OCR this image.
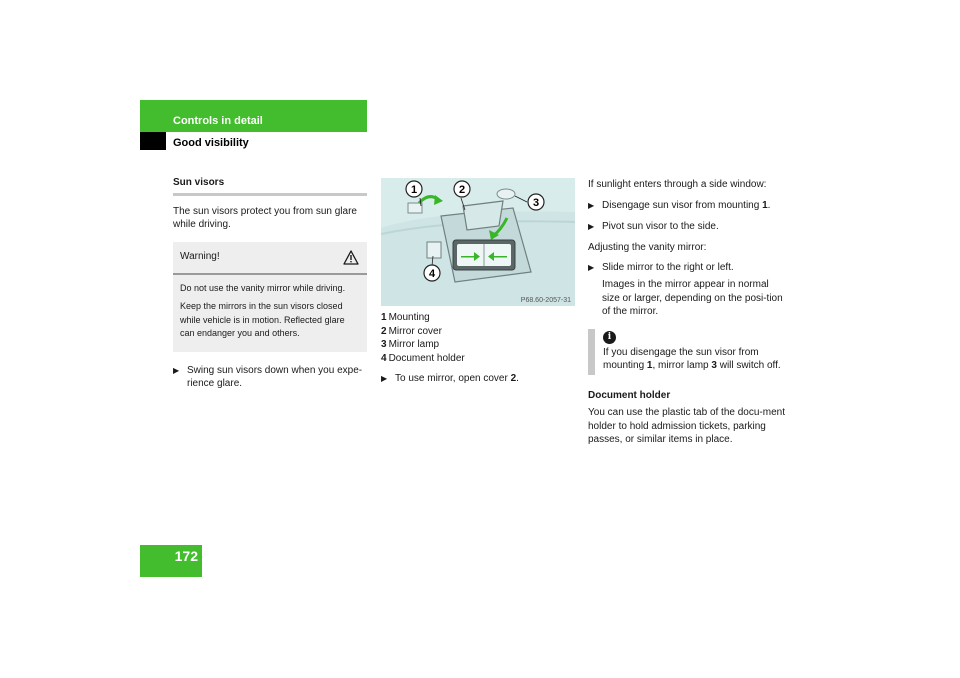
Controls in detail
Good visibility
Sun visors

The sun visors protect you from sun glare while driving.

Warning!

Do not use the vanity mirror while driving.

Keep the mirrors in the sun visors closed while vehicle is in motion. Reflected glare can endanger you and others.

▶ Swing sun visors down when you expe-rience glare.
1	2
3
4
P68.60-2057-31
1 Mounting
2 Mirror cover
3 Mirror lamp
4 Document holder
▶ To use mirror, open cover 2.

If sunlight enters through a side window:

▶ Disengage sun visor from mounting 1.
▶ Pivot sun visor to the side.

Adjusting the vanity mirror:

▶ Slide mirror to the right or left.

Images in the mirror appear in normal size or larger, depending on the posi-tion of the mirror.

i
If you disengage the sun visor from mounting 1, mirror lamp 3 will switch off.
Document holder

You can use the plastic tab of the docu-ment holder to hold admission tickets, parking passes, or similar items in place.

172
